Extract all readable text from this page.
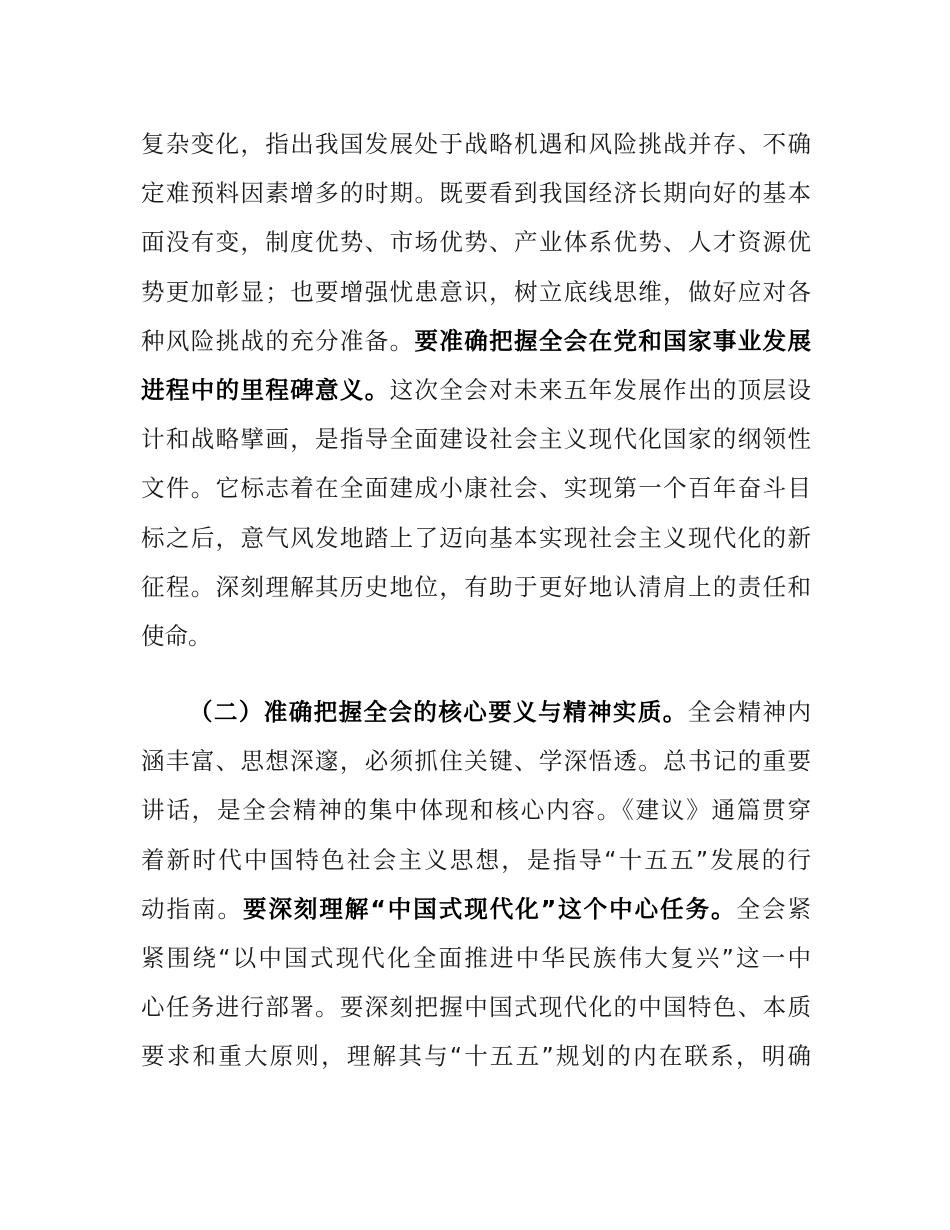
复杂变化，指出我国发展处于战略机遇和风险挑战并存、不确
定难预料因素增多的时期。既要看到我国经济长期向好的基本
面没有变，制度优势、市场优势、产业体系优势、人才资源优
势更加彰显；也要增强忧患意识，树立底线思维，做好应对各
种风险挑战的充分准备。要准确把握全会在党和国家事业发展
进程中的里程碑意义。这次全会对未来五年发展作出的顶层设
计和战略擘画，是指导全面建设社会主义现代化国家的纲领性
文件。它标志着在全面建成小康社会、实现第一个百年奋斗目
标之后，意气风发地踏上了迈向基本实现社会主义现代化的新
征程。深刻理解其历史地位，有助于更好地认清肩上的责任和
使命。
（二）准确把握全会的核心要义与精神实质。全会精神内
涵丰富、思想深邃，必须抓住关键、学深悟透。总书记的重要
讲话，是全会精神的集中体现和核心内容。《建议》通篇贯穿
着新时代中国特色社会主义思想，是指导“十五五”发展的行
动指南。要深刻理解“中国式现代化”这个中心任务。全会紧
紧围绕“以中国式现代化全面推进中华民族伟大复兴”这一中
心任务进行部署。要深刻把握中国式现代化的中国特色、本质
要求和重大原则，理解其与“十五五”规划的内在联系，明确
